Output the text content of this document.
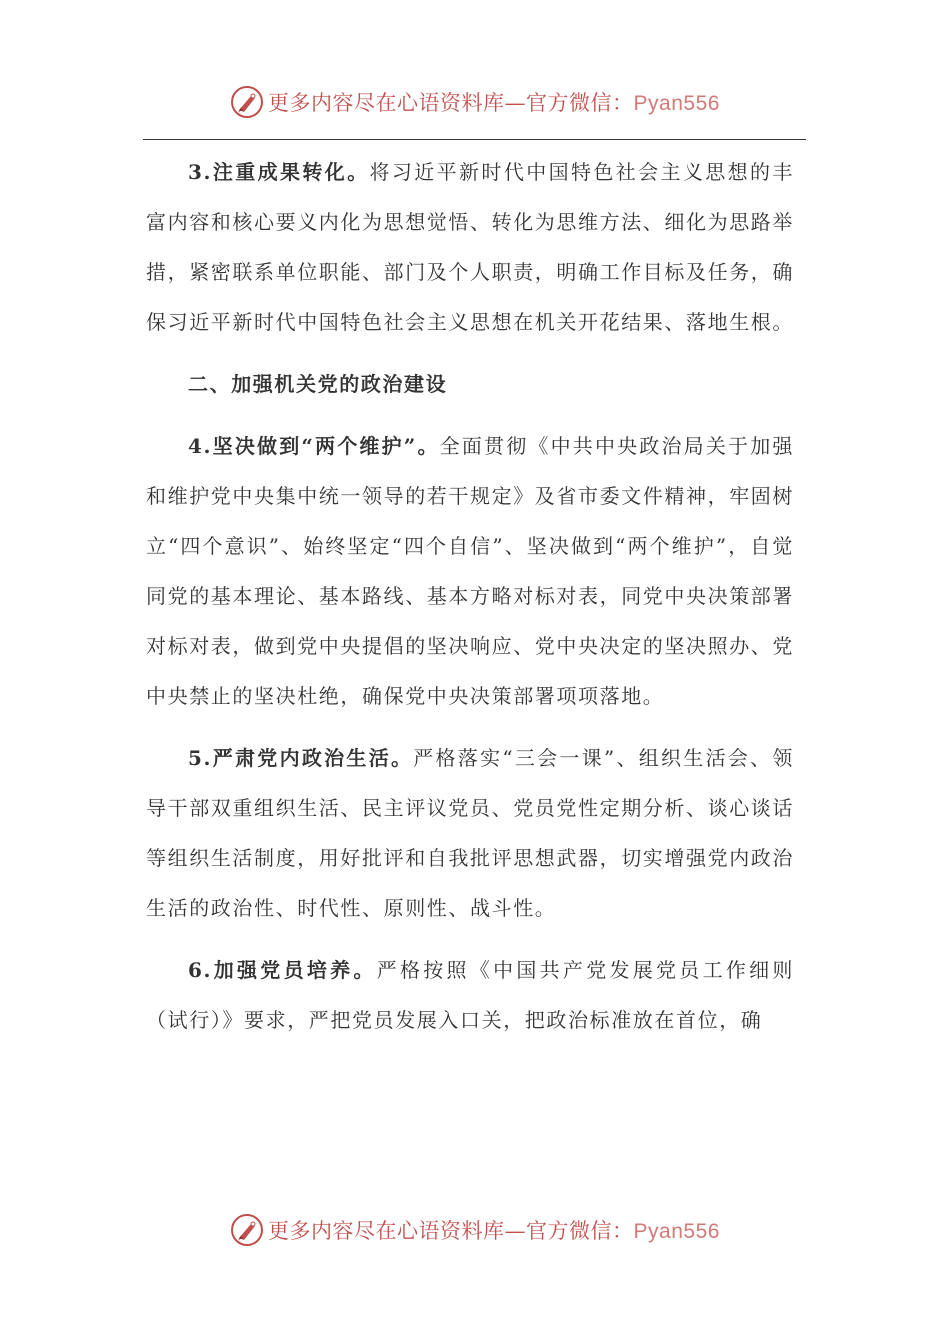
更多内容尽在心语资料库—官方微信：Pyan556

3.注重成果转化。将习近平新时代中国特色社会主义思想的丰富内容和核心要义内化为思想觉悟、转化为思维方法、细化为思路举措，紧密联系单位职能、部门及个人职责，明确工作目标及任务，确保习近平新时代中国特色社会主义思想在机关开花结果、落地生根。

二、加强机关党的政治建设

4.坚决做到“两个维护”。全面贯彻《中共中央政治局关于加强和维护党中央集中统一领导的若干规定》及省市委文件精神，牢固树立“四个意识”、始终坚定“四个自信”、坚决做到“两个维护”，自觉同党的基本理论、基本路线、基本方略对标对表，同党中央决策部署对标对表，做到党中央提倡的坚决响应、党中央决定的坚决照办、党中央禁止的坚决杜绝，确保党中央决策部署项项落地。

5.严肃党内政治生活。严格落实“三会一课”、组织生活会、领导干部双重组织生活、民主评议党员、党员党性定期分析、谈心谈话等组织生活制度，用好批评和自我批评思想武器，切实增强党内政治生活的政治性、时代性、原则性、战斗性。

6.加强党员培养。严格按照《中国共产党发展党员工作细则（试行）》要求，严把党员发展入口关，把政治标准放在首位，确

更多内容尽在心语资料库—官方微信：Pyan556
